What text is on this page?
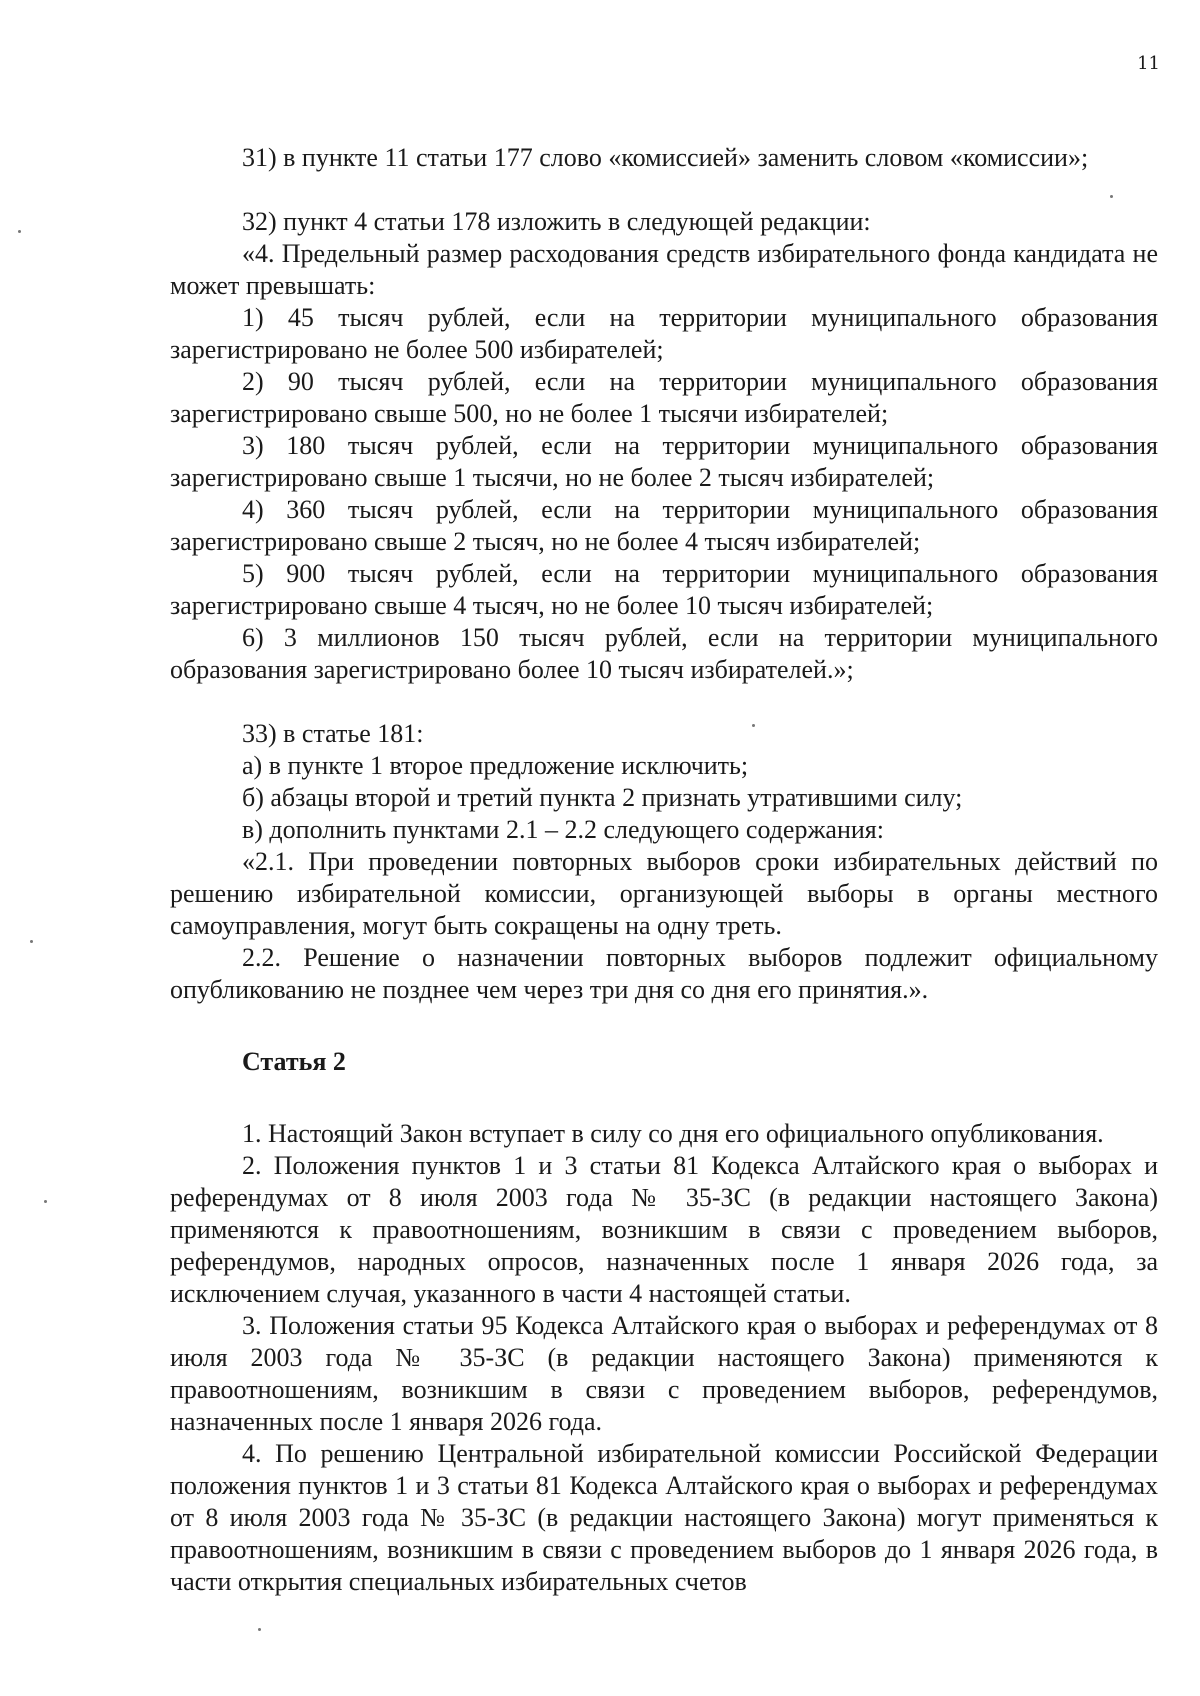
11

31) в пункте 11 статьи 177 слово «комиссией» заменить словом «комиссии»;

32) пункт 4 статьи 178 изложить в следующей редакции:

«4. Предельный размер расходования средств избирательного фонда кандидата не может превышать:

1) 45 тысяч рублей, если на территории муниципального образования зарегистрировано не более 500 избирателей;

2) 90 тысяч рублей, если на территории муниципального образования зарегистрировано свыше 500, но не более 1 тысячи избирателей;

3) 180 тысяч рублей, если на территории муниципального образования зарегистрировано свыше 1 тысячи, но не более 2 тысяч избирателей;

4) 360 тысяч рублей, если на территории муниципального образования зарегистрировано свыше 2 тысяч, но не более 4 тысяч избирателей;

5) 900 тысяч рублей, если на территории муниципального образования зарегистрировано свыше 4 тысяч, но не более 10 тысяч избирателей;

6) 3 миллионов 150 тысяч рублей, если на территории муниципального образования зарегистрировано более 10 тысяч избирателей.»;

33) в статье 181:

а) в пункте 1 второе предложение исключить;

б) абзацы второй и третий пункта 2 признать утратившими силу;

в) дополнить пунктами 2.1 – 2.2 следующего содержания:

«2.1. При проведении повторных выборов сроки избирательных действий по решению избирательной комиссии, организующей выборы в органы местного самоуправления, могут быть сокращены на одну треть.

2.2. Решение о назначении повторных выборов подлежит официальному опубликованию не позднее чем через три дня со дня его принятия.».

Статья 2

1. Настоящий Закон вступает в силу со дня его официального опубликования.

2. Положения пунктов 1 и 3 статьи 81 Кодекса Алтайского края о выборах и референдумах от 8 июля 2003 года № 35-ЗС (в редакции настоящего Закона) применяются к правоотношениям, возникшим в связи с проведением выборов, референдумов, народных опросов, назначенных после 1 января 2026 года, за исключением случая, указанного в части 4 настоящей статьи.

3. Положения статьи 95 Кодекса Алтайского края о выборах и референдумах от 8 июля 2003 года № 35-ЗС (в редакции настоящего Закона) применяются к правоотношениям, возникшим в связи с проведением выборов, референдумов, назначенных после 1 января 2026 года.

4. По решению Центральной избирательной комиссии Российской Федерации положения пунктов 1 и 3 статьи 81 Кодекса Алтайского края о выборах и референдумах от 8 июля 2003 года № 35-ЗС (в редакции настоящего Закона) могут применяться к правоотношениям, возникшим в связи с проведением выборов до 1 января 2026 года, в части открытия специальных избирательных счетов
